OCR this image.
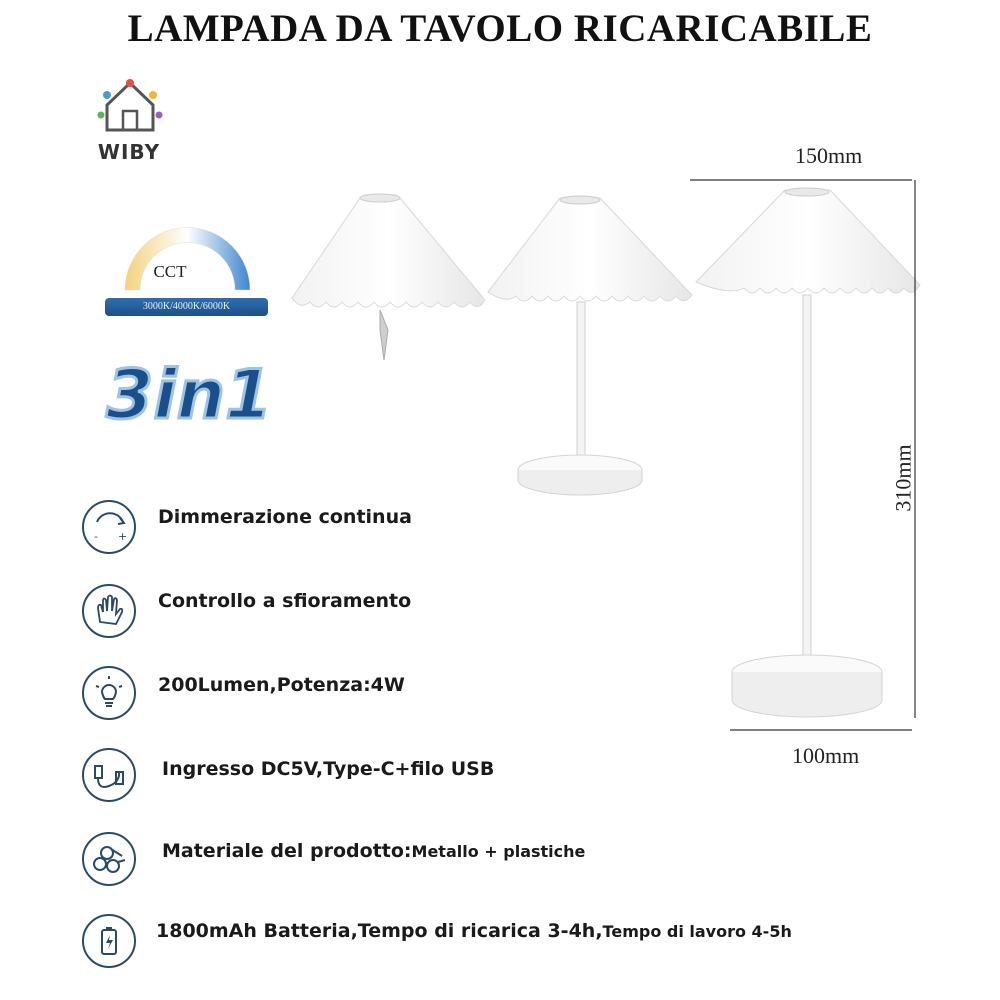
LAMPADA DA TAVOLO RICARICABILE
WIBY
CCT
3000K/4000K/6000K
3in1
150mm
310mm
100mm
- +
Dimmerazione continua
Controllo a sfioramento
200Lumen,Potenza:4W
Ingresso DC5V,Type-C+filo USB
Materiale del prodotto:Metallo + plastiche
1800mAh Batteria,Tempo di ricarica 3-4h,Tempo di lavoro 4-5h
